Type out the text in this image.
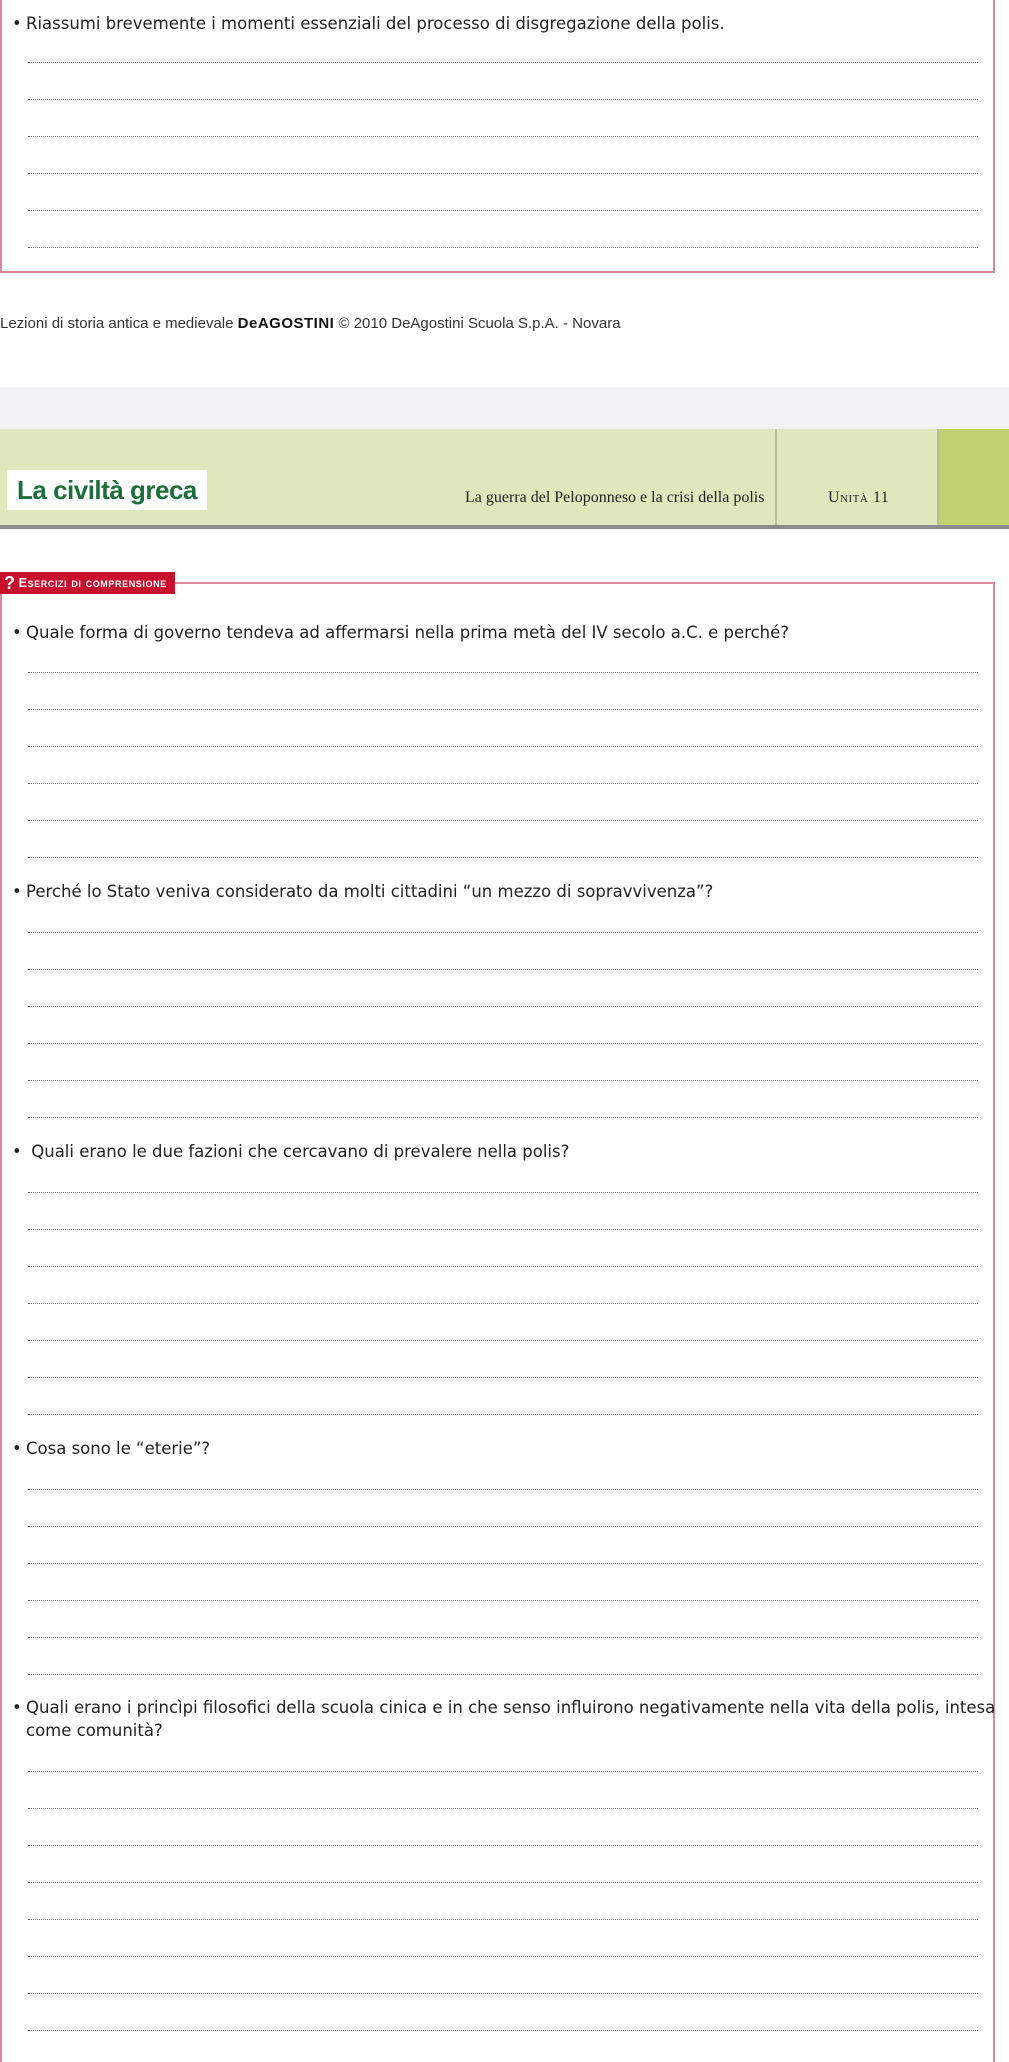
• Riassumi brevemente i momenti essenziali del processo di disgregazione della polis.
Lezioni di storia antica e medievale DeAGOSTINI © 2010 DeAgostini Scuola S.p.A. - Novara
La civiltà greca	La guerra del Peloponneso e la crisi della polis	Unità 11
? Esercizi di comprensione
• Quale forma di governo tendeva ad affermarsi nella prima metà del IV secolo a.C. e perché?
• Perché lo Stato veniva considerato da molti cittadini “un mezzo di sopravvivenza”?
• Quali erano le due fazioni che cercavano di prevalere nella polis?
• Cosa sono le “eterie”?
• Quali erano i princìpi filosofici della scuola cinica e in che senso influirono negativamente nella vita della polis, intesa
come comunità?
